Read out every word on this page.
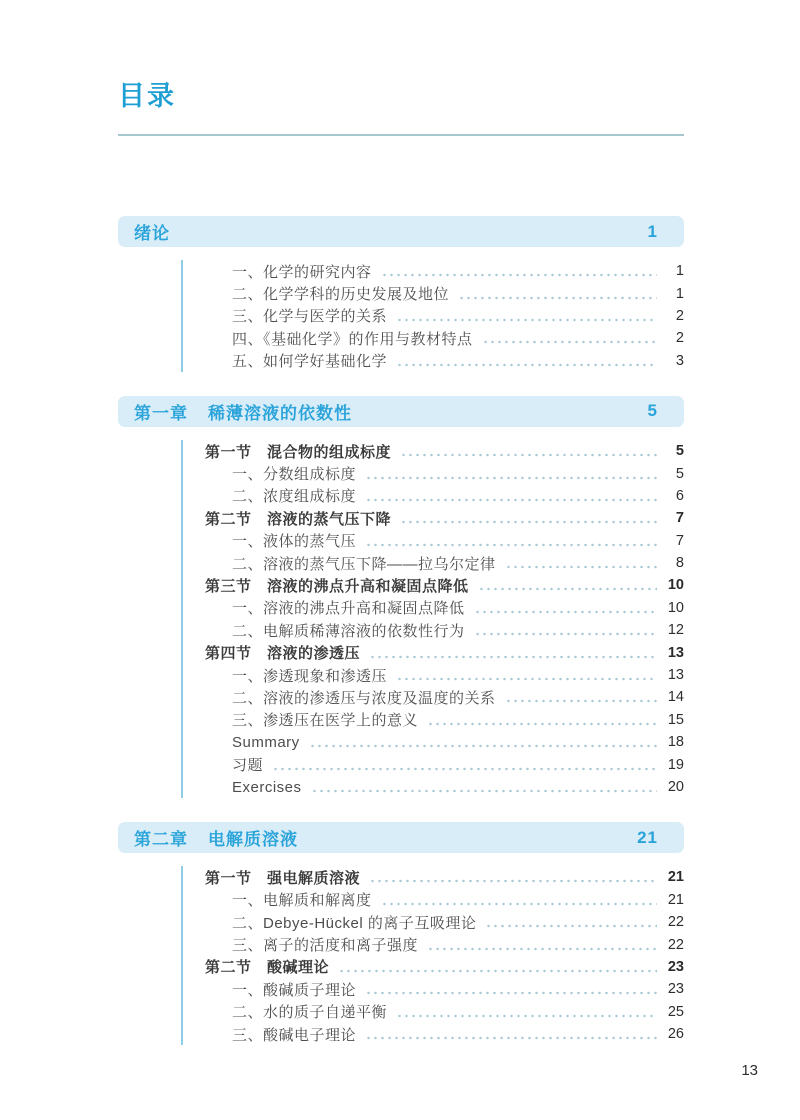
目录
绪论	1
一、化学的研究内容	1
二、化学学科的历史发展及地位	1
三、化学与医学的关系	2
四、《基础化学》的作用与教材特点	2
五、如何学好基础化学	3
第一章 稀薄溶液的依数性	5
第一节　混合物的组成标度	5
一、分数组成标度	5
二、浓度组成标度	6
第二节　溶液的蒸气压下降	7
一、液体的蒸气压	7
二、溶液的蒸气压下降——拉乌尔定律	8
第三节　溶液的沸点升高和凝固点降低	10
一、溶液的沸点升高和凝固点降低	10
二、电解质稀薄溶液的依数性行为	12
第四节　溶液的渗透压	13
一、渗透现象和渗透压	13
二、溶液的渗透压与浓度及温度的关系	14
三、渗透压在医学上的意义	15
Summary	18
习题	19
Exercises	20
第二章 电解质溶液	21
第一节　强电解质溶液	21
一、电解质和解离度	21
二、Debye-Hückel 的离子互吸理论	22
三、离子的活度和离子强度	22
第二节　酸碱理论	23
一、酸碱质子理论	23
二、水的质子自递平衡	25
三、酸碱电子理论	26
13
